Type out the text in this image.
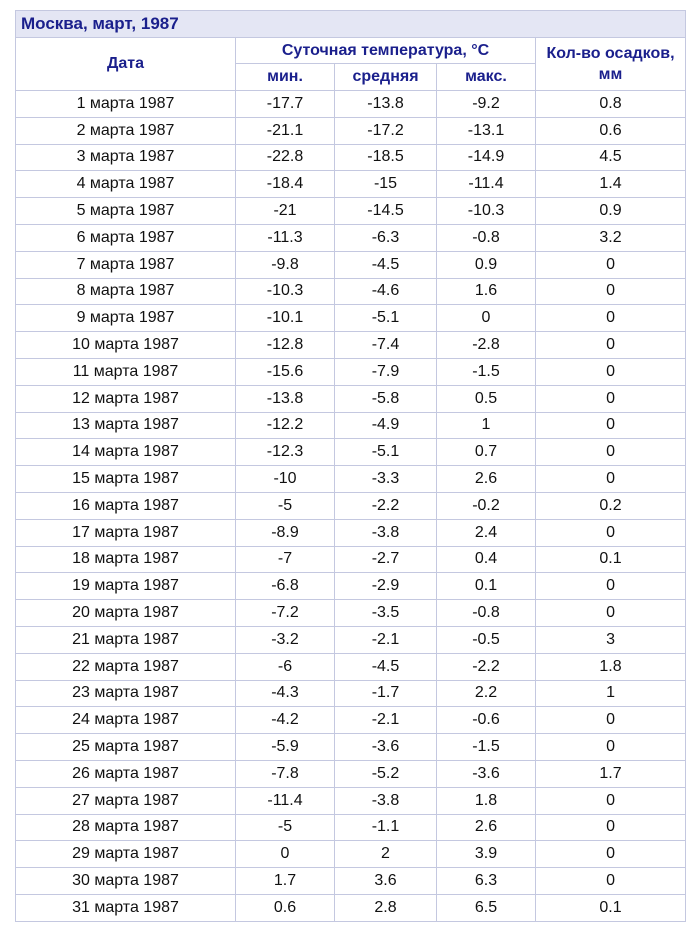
Москва, март, 1987				
Дата	Суточная температура, °C			Кол-во осадков, мм
	мин.	средняя	макс.	
1 марта 1987	-17.7	-13.8	-9.2	0.8
2 марта 1987	-21.1	-17.2	-13.1	0.6
3 марта 1987	-22.8	-18.5	-14.9	4.5
4 марта 1987	-18.4	-15	-11.4	1.4
5 марта 1987	-21	-14.5	-10.3	0.9
6 марта 1987	-11.3	-6.3	-0.8	3.2
7 марта 1987	-9.8	-4.5	0.9	0
8 марта 1987	-10.3	-4.6	1.6	0
9 марта 1987	-10.1	-5.1	0	0
10 марта 1987	-12.8	-7.4	-2.8	0
11 марта 1987	-15.6	-7.9	-1.5	0
12 марта 1987	-13.8	-5.8	0.5	0
13 марта 1987	-12.2	-4.9	1	0
14 марта 1987	-12.3	-5.1	0.7	0
15 марта 1987	-10	-3.3	2.6	0
16 марта 1987	-5	-2.2	-0.2	0.2
17 марта 1987	-8.9	-3.8	2.4	0
18 марта 1987	-7	-2.7	0.4	0.1
19 марта 1987	-6.8	-2.9	0.1	0
20 марта 1987	-7.2	-3.5	-0.8	0
21 марта 1987	-3.2	-2.1	-0.5	3
22 марта 1987	-6	-4.5	-2.2	1.8
23 марта 1987	-4.3	-1.7	2.2	1
24 марта 1987	-4.2	-2.1	-0.6	0
25 марта 1987	-5.9	-3.6	-1.5	0
26 марта 1987	-7.8	-5.2	-3.6	1.7
27 марта 1987	-11.4	-3.8	1.8	0
28 марта 1987	-5	-1.1	2.6	0
29 марта 1987	0	2	3.9	0
30 марта 1987	1.7	3.6	6.3	0
31 марта 1987	0.6	2.8	6.5	0.1
